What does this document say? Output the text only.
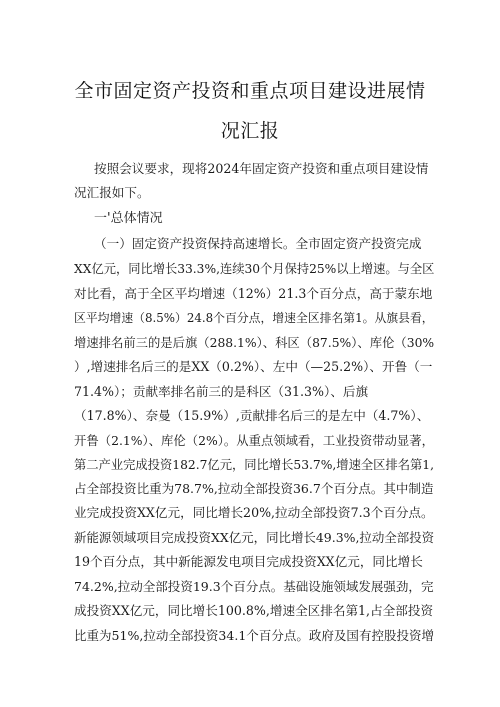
全市固定资产投资和重点项目建设进展情
况汇报
按照会议要求，现将2024年固定资产投资和重点项目建设情
况汇报如下。
一'总体情况
（一）固定资产投资保持高速增长。全市固定资产投资完成
XX亿元，同比增长33.3%,连续30个月保持25%以上增速。与全区
对比看，高于全区平均增速（12%）21.3个百分点，高于蒙东地
区平均增速（8.5%）24.8个百分点，增速全区排名第1。从旗县看，
增速排名前三的是后旗（288.1%）、科区（87.5%）、库伦（30%
）,增速排名后三的是XX（0.2%）、左中（—25.2%）、开鲁（一
71.4%）；贡献率排名前三的是科区（31.3%）、后旗
（17.8%）、奈曼（15.9%）,贡献排名后三的是左中（4.7%）、
开鲁（2.1%）、库伦（2%）。从重点领域看，工业投资带动显著，
第二产业完成投资182.7亿元，同比增长53.7%,增速全区排名第1,
占全部投资比重为78.7%,拉动全部投资36.7个百分点。其中制造
业完成投资XX亿元，同比增长20%,拉动全部投资7.3个百分点。
新能源领域项目完成投资XX亿元，同比增长49.3%,拉动全部投资
19个百分点，其中新能源发电项目完成投资XX亿元，同比增长
74.2%,拉动全部投资19.3个百分点。基础设施领域发展强劲，完
成投资XX亿元，同比增长100.8%,增速全区排名第1,占全部投资
比重为51%,拉动全部投资34.1个百分点。政府及国有控股投资增
